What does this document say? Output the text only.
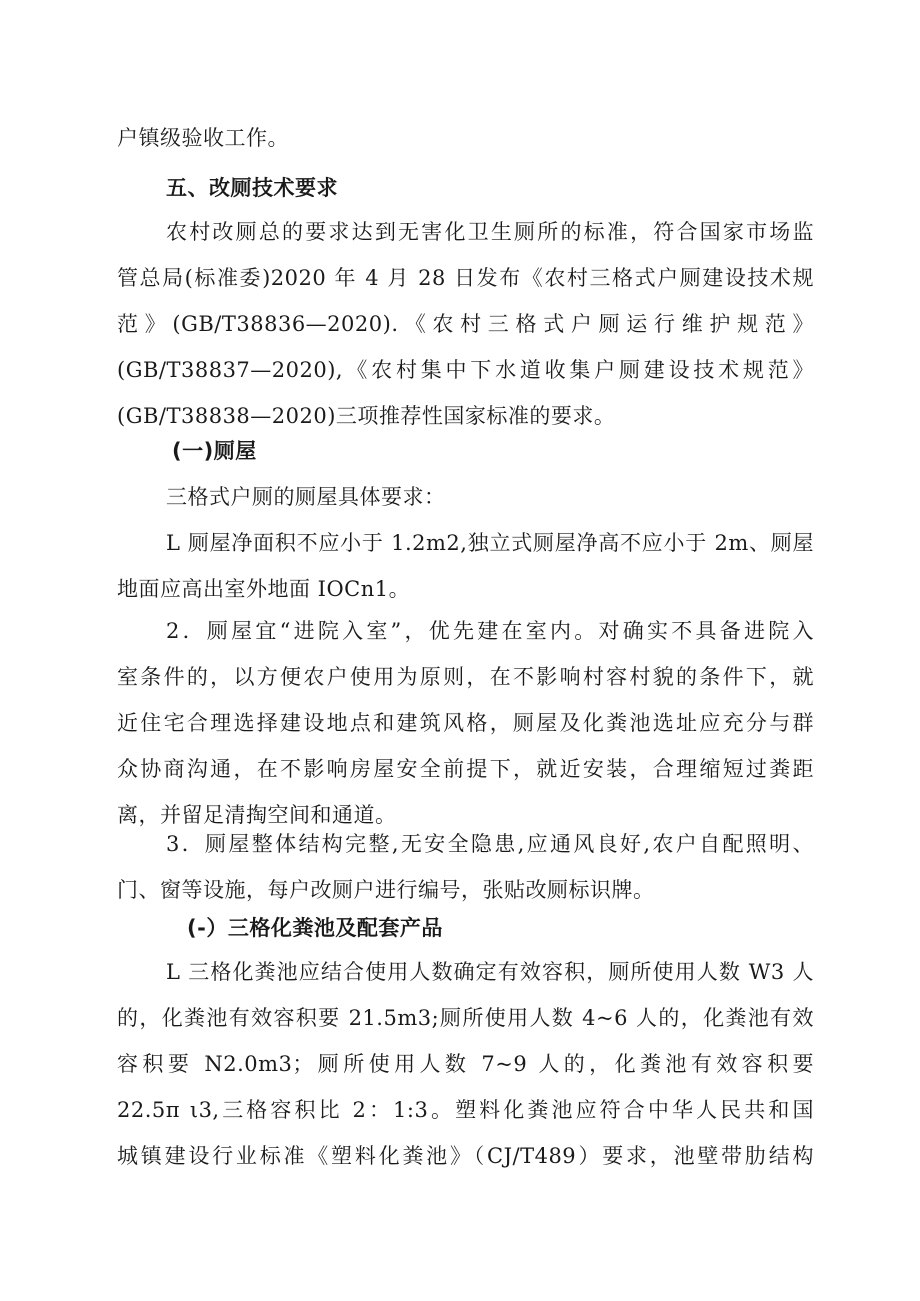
户镇级验收工作。
五、改厕技术要求
农村改厕总的要求达到无害化卫生厕所的标准，符合国家市场监
管总局(标准委)2020 年 4 月 28 日发布《农村三格式户厕建设技术规
范》(GB/T38836—2020).《农村三格式户厕运行维护规范》
(GB/T38837—2020),《农村集中下水道收集户厕建设技术规范》
(GB/T38838—2020)三项推荐性国家标准的要求。
(一)厕屋
三格式户厕的厕屋具体要求：
L 厕屋净面积不应小于 1.2m2,独立式厕屋净高不应小于 2m、厕屋
地面应高出室外地面 IOCn1。
2．厕屋宜“进院入室”，优先建在室内。对确实不具备进院入
室条件的，以方便农户使用为原则，在不影响村容村貌的条件下，就
近住宅合理选择建设地点和建筑风格，厕屋及化粪池选址应充分与群
众协商沟通，在不影响房屋安全前提下，就近安装，合理缩短过粪距
离，并留足清掏空间和通道。
3．厕屋整体结构完整,无安全隐患,应通风良好,农户自配照明、
门、窗等设施，每户改厕户进行编号，张贴改厕标识牌。
(-）三格化粪池及配套产品
L 三格化粪池应结合使用人数确定有效容积，厕所使用人数 W3 人
的，化粪池有效容积要 21.5m3;厕所使用人数 4~6 人的，化粪池有效
容积要 N2.0m3；厕所使用人数 7~9 人的，化粪池有效容积要
22.5π ι3,三格容积比 2：1:3。塑料化粪池应符合中华人民共和国
城镇建设行业标准《塑料化粪池》（CJ/T489）要求，池壁带肋结构
